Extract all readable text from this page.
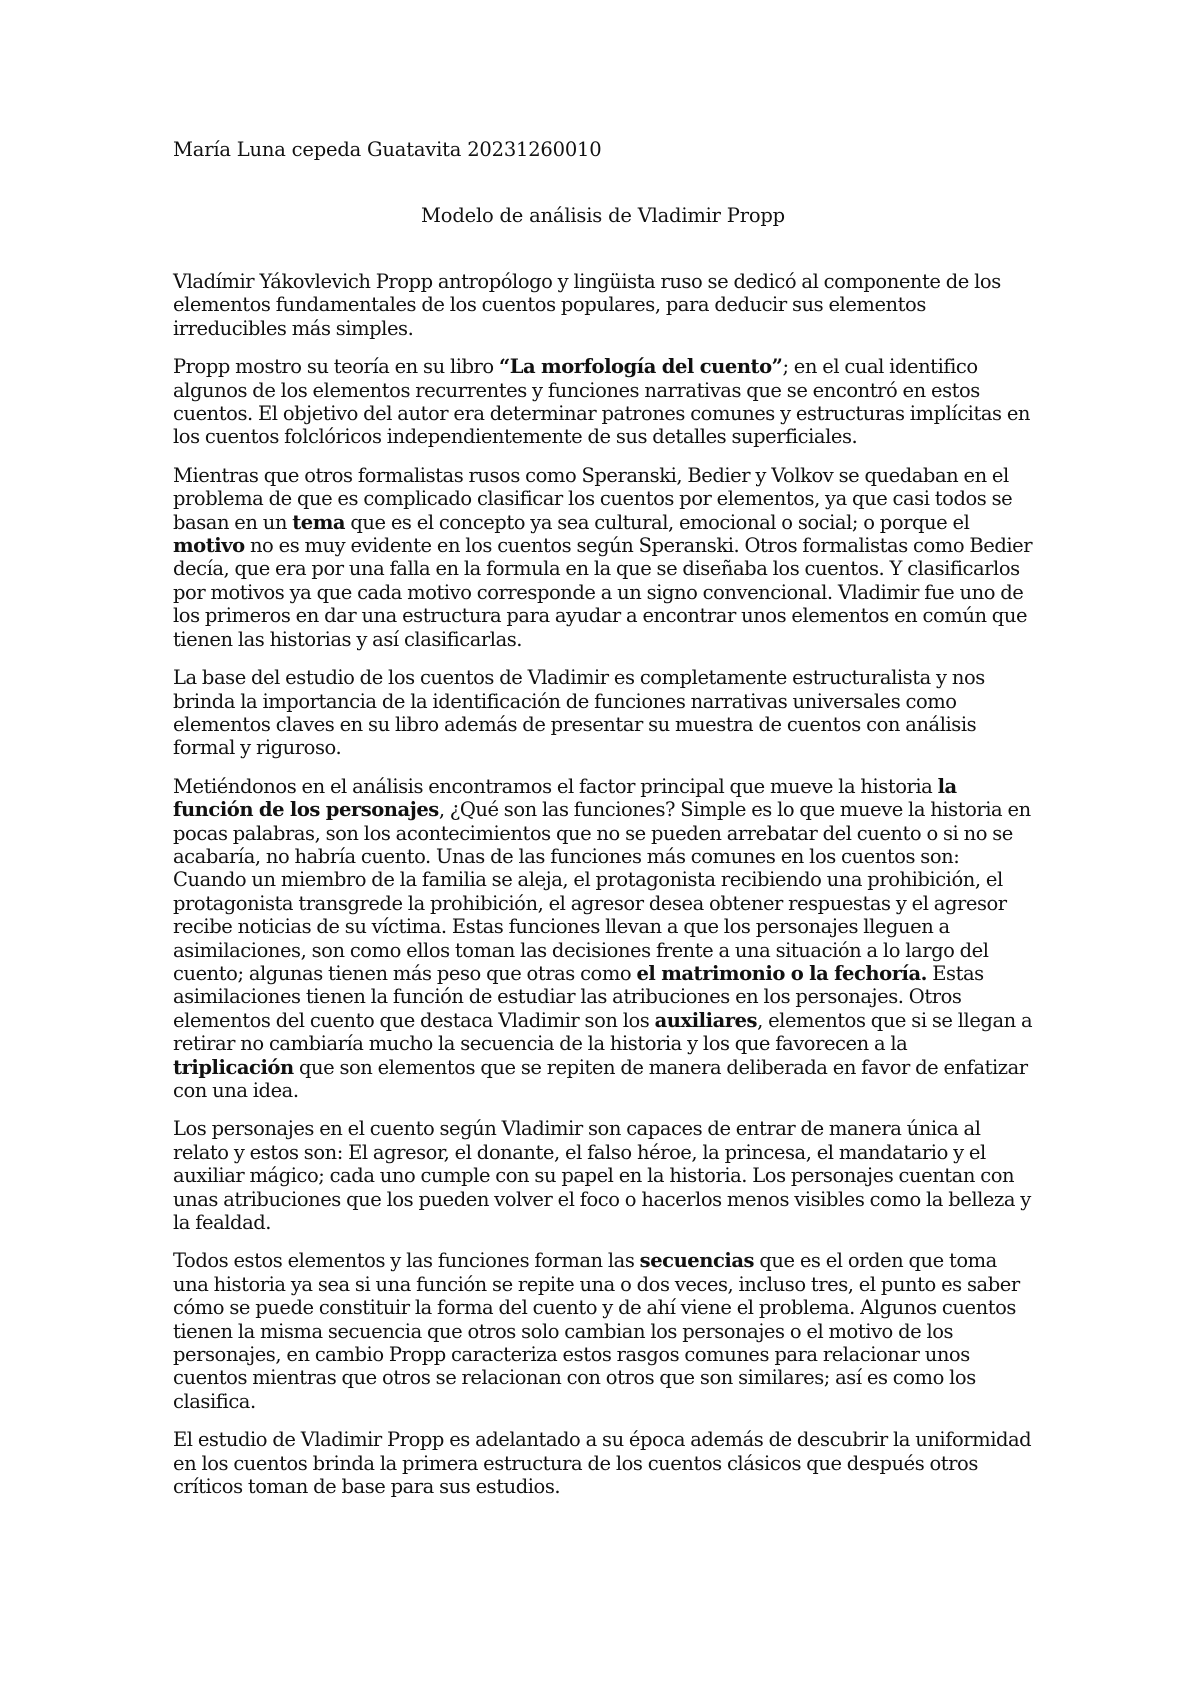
María Luna cepeda Guatavita 20231260010

Modelo de análisis de Vladimir Propp

Vladímir Yákovlevich Propp antropólogo y lingüista ruso se dedicó al componente de los elementos fundamentales de los cuentos populares, para deducir sus elementos irreducibles más simples.

Propp mostro su teoría en su libro “La morfología del cuento”; en el cual identifico algunos de los elementos recurrentes y funciones narrativas que se encontró en estos cuentos. El objetivo del autor era determinar patrones comunes y estructuras implícitas en los cuentos folclóricos independientemente de sus detalles superficiales.

Mientras que otros formalistas rusos como Speranski, Bedier y Volkov se quedaban en el problema de que es complicado clasificar los cuentos por elementos, ya que casi todos se basan en un tema que es el concepto ya sea cultural, emocional o social; o porque el motivo no es muy evidente en los cuentos según Speranski. Otros formalistas como Bedier decía, que era por una falla en la formula en la que se diseñaba los cuentos. Y clasificarlos por motivos ya que cada motivo corresponde a un signo convencional. Vladimir fue uno de los primeros en dar una estructura para ayudar a encontrar unos elementos en común que tienen las historias y así clasificarlas.

La base del estudio de los cuentos de Vladimir es completamente estructuralista y nos brinda la importancia de la identificación de funciones narrativas universales como elementos claves en su libro además de presentar su muestra de cuentos con análisis formal y riguroso.

Metiéndonos en el análisis encontramos el factor principal que mueve la historia la función de los personajes, ¿Qué son las funciones? Simple es lo que mueve la historia en pocas palabras, son los acontecimientos que no se pueden arrebatar del cuento o si no se acabaría, no habría cuento. Unas de las funciones más comunes en los cuentos son: Cuando un miembro de la familia se aleja, el protagonista recibiendo una prohibición, el protagonista transgrede la prohibición, el agresor desea obtener respuestas y el agresor recibe noticias de su víctima. Estas funciones llevan a que los personajes lleguen a asimilaciones, son como ellos toman las decisiones frente a una situación a lo largo del cuento; algunas tienen más peso que otras como el matrimonio o la fechoría. Estas asimilaciones tienen la función de estudiar las atribuciones en los personajes. Otros elementos del cuento que destaca Vladimir son los auxiliares, elementos que si se llegan a retirar no cambiaría mucho la secuencia de la historia y los que favorecen a la triplicación que son elementos que se repiten de manera deliberada en favor de enfatizar con una idea.

Los personajes en el cuento según Vladimir son capaces de entrar de manera única al relato y estos son: El agresor, el donante, el falso héroe, la princesa, el mandatario y el auxiliar mágico; cada uno cumple con su papel en la historia. Los personajes cuentan con unas atribuciones que los pueden volver el foco o hacerlos menos visibles como la belleza y la fealdad.

Todos estos elementos y las funciones forman las secuencias que es el orden que toma una historia ya sea si una función se repite una o dos veces, incluso tres, el punto es saber cómo se puede constituir la forma del cuento y de ahí viene el problema. Algunos cuentos tienen la misma secuencia que otros solo cambian los personajes o el motivo de los personajes, en cambio Propp caracteriza estos rasgos comunes para relacionar unos cuentos mientras que otros se relacionan con otros que son similares; así es como los clasifica.

El estudio de Vladimir Propp es adelantado a su época además de descubrir la uniformidad en los cuentos brinda la primera estructura de los cuentos clásicos que después otros críticos toman de base para sus estudios.
